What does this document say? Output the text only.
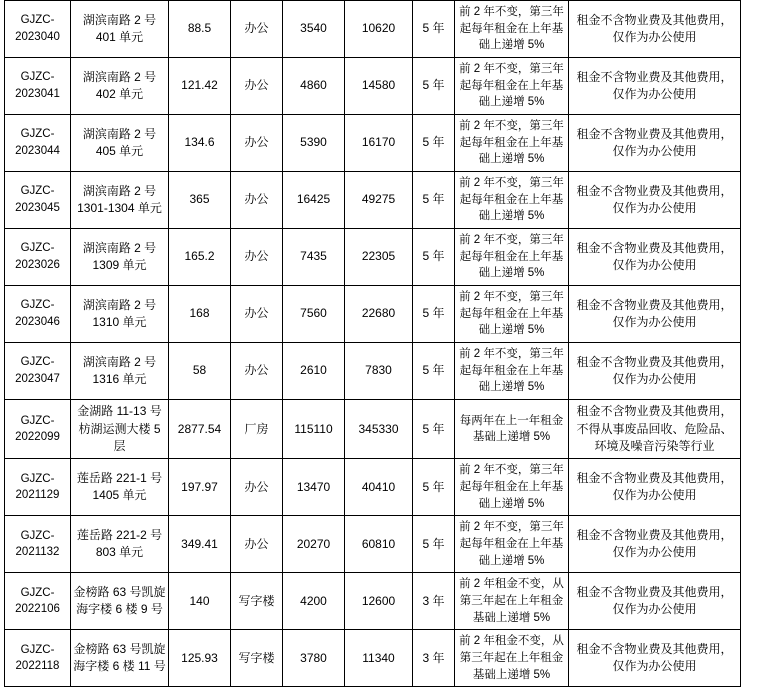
GJZC-2023040	湖滨南路 2 号 401 单元	88.5	办公	3540	10620	5 年	前 2 年不变，第三年起每年租金在上年基础上递增 5%	租金不含物业费及其他费用，仅作为办公使用
GJZC-2023041	湖滨南路 2 号 402 单元	121.42	办公	4860	14580	5 年	前 2 年不变，第三年起每年租金在上年基础上递增 5%	租金不含物业费及其他费用，仅作为办公使用
GJZC-2023044	湖滨南路 2 号 405 单元	134.6	办公	5390	16170	5 年	前 2 年不变，第三年起每年租金在上年基础上递增 5%	租金不含物业费及其他费用，仅作为办公使用
GJZC-2023045	湖滨南路 2 号 1301-1304 单元	365	办公	16425	49275	5 年	前 2 年不变，第三年起每年租金在上年基础上递增 5%	租金不含物业费及其他费用，仅作为办公使用
GJZC-2023026	湖滨南路 2 号 1309 单元	165.2	办公	7435	22305	5 年	前 2 年不变，第三年起每年租金在上年基础上递增 5%	租金不含物业费及其他费用，仅作为办公使用
GJZC-2023046	湖滨南路 2 号 1310 单元	168	办公	7560	22680	5 年	前 2 年不变，第三年起每年租金在上年基础上递增 5%	租金不含物业费及其他费用，仅作为办公使用
GJZC-2023047	湖滨南路 2 号 1316 单元	58	办公	2610	7830	5 年	前 2 年不变，第三年起每年租金在上年基础上递增 5%	租金不含物业费及其他费用，仅作为办公使用
GJZC-2022099	金湖路 11-13 号枋湖运测大楼 5 层	2877.54	厂房	115110	345330	5 年	每两年在上一年租金基础上递增 5%	租金不含物业费及其他费用，不得从事废品回收、危险品、环境及噪音污染等行业
GJZC-2021129	莲岳路 221-1 号 1405 单元	197.97	办公	13470	40410	5 年	前 2 年不变，第三年起每年租金在上年基础上递增 5%	租金不含物业费及其他费用，仅作为办公使用
GJZC-2021132	莲岳路 221-2 号 803 单元	349.41	办公	20270	60810	5 年	前 2 年不变，第三年起每年租金在上年基础上递增 5%	租金不含物业费及其他费用，仅作为办公使用
GJZC-2022106	金榜路 63 号凯旋海字楼 6 楼 9 号	140	写字楼	4200	12600	3 年	前 2 年租金不变，从第三年起在上年租金基础上递增 5%	租金不含物业费及其他费用，仅作为办公使用
GJZC-2022118	金榜路 63 号凯旋海字楼 6 楼 11 号	125.93	写字楼	3780	11340	3 年	前 2 年租金不变，从第三年起在上年租金基础上递增 5%	租金不含物业费及其他费用，仅作为办公使用
